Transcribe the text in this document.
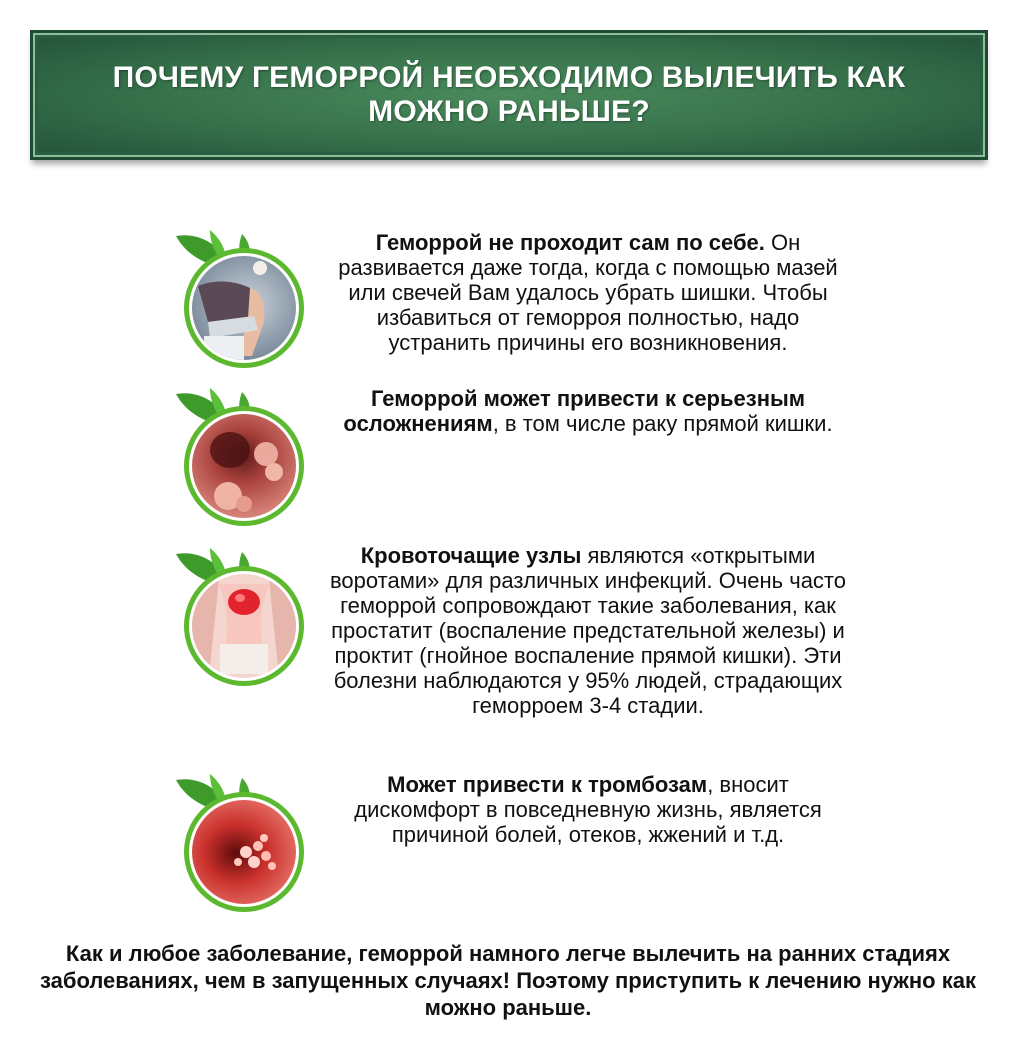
ПОЧЕМУ ГЕМОРРОЙ НЕОБХОДИМО ВЫЛЕЧИТЬ КАК МОЖНО РАНЬШЕ?

Геморрой не проходит сам по себе. Он развивается даже тогда, когда с помощью мазей или свечей Вам удалось убрать шишки. Чтобы избавиться от геморроя полностью, надо устранить причины его возникновения.

Геморрой может привести к серьезным осложнениям, в том числе раку прямой кишки.

Кровоточащие узлы являются «открытыми воротами» для различных инфекций. Очень часто геморрой сопровождают такие заболевания, как простатит (воспаление предстательной железы) и проктит (гнойное воспаление прямой кишки). Эти болезни наблюдаются у 95% людей, страдающих геморроем 3-4 стадии.

Может привести к тромбозам, вносит дискомфорт в повседневную жизнь, является причиной болей, отеков, жжений и т.д.

Как и любое заболевание, геморрой намного легче вылечить на ранних стадиях заболеваниях, чем в запущенных случаях! Поэтому приступить к лечению нужно как можно раньше.
